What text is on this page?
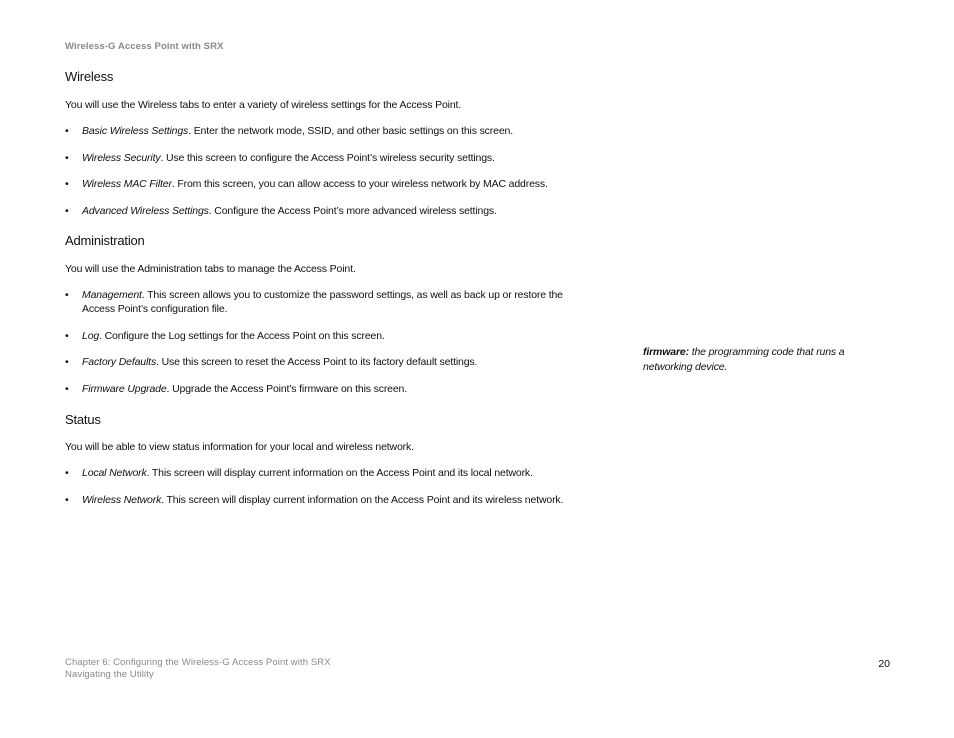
Wireless-G Access Point with SRX
Wireless
You will use the Wireless tabs to enter a variety of wireless settings for the Access Point.
•	Basic Wireless Settings. Enter the network mode, SSID, and other basic settings on this screen.
•	Wireless Security. Use this screen to configure the Access Point’s wireless security settings.
•	Wireless MAC Filter. From this screen, you can allow access to your wireless network by MAC address.
•	Advanced Wireless Settings. Configure the Access Point’s more advanced wireless settings.
Administration
You will use the Administration tabs to manage the Access Point.
•	Management. This screen allows you to customize the password settings, as well as back up or restore the Access Point’s configuration file.
•	Log. Configure the Log settings for the Access Point on this screen.
•	Factory Defaults. Use this screen to reset the Access Point to its factory default settings.
•	Firmware Upgrade. Upgrade the Access Point’s firmware on this screen.
Status
You will be able to view status information for your local and wireless network.
•	Local Network. This screen will display current information on the Access Point and its local network.
•	Wireless Network. This screen will display current information on the Access Point and its wireless network.
firmware: the programming code that runs a networking device.
Chapter 6: Configuring the Wireless-G Access Point with SRX
Navigating the Utility
20
